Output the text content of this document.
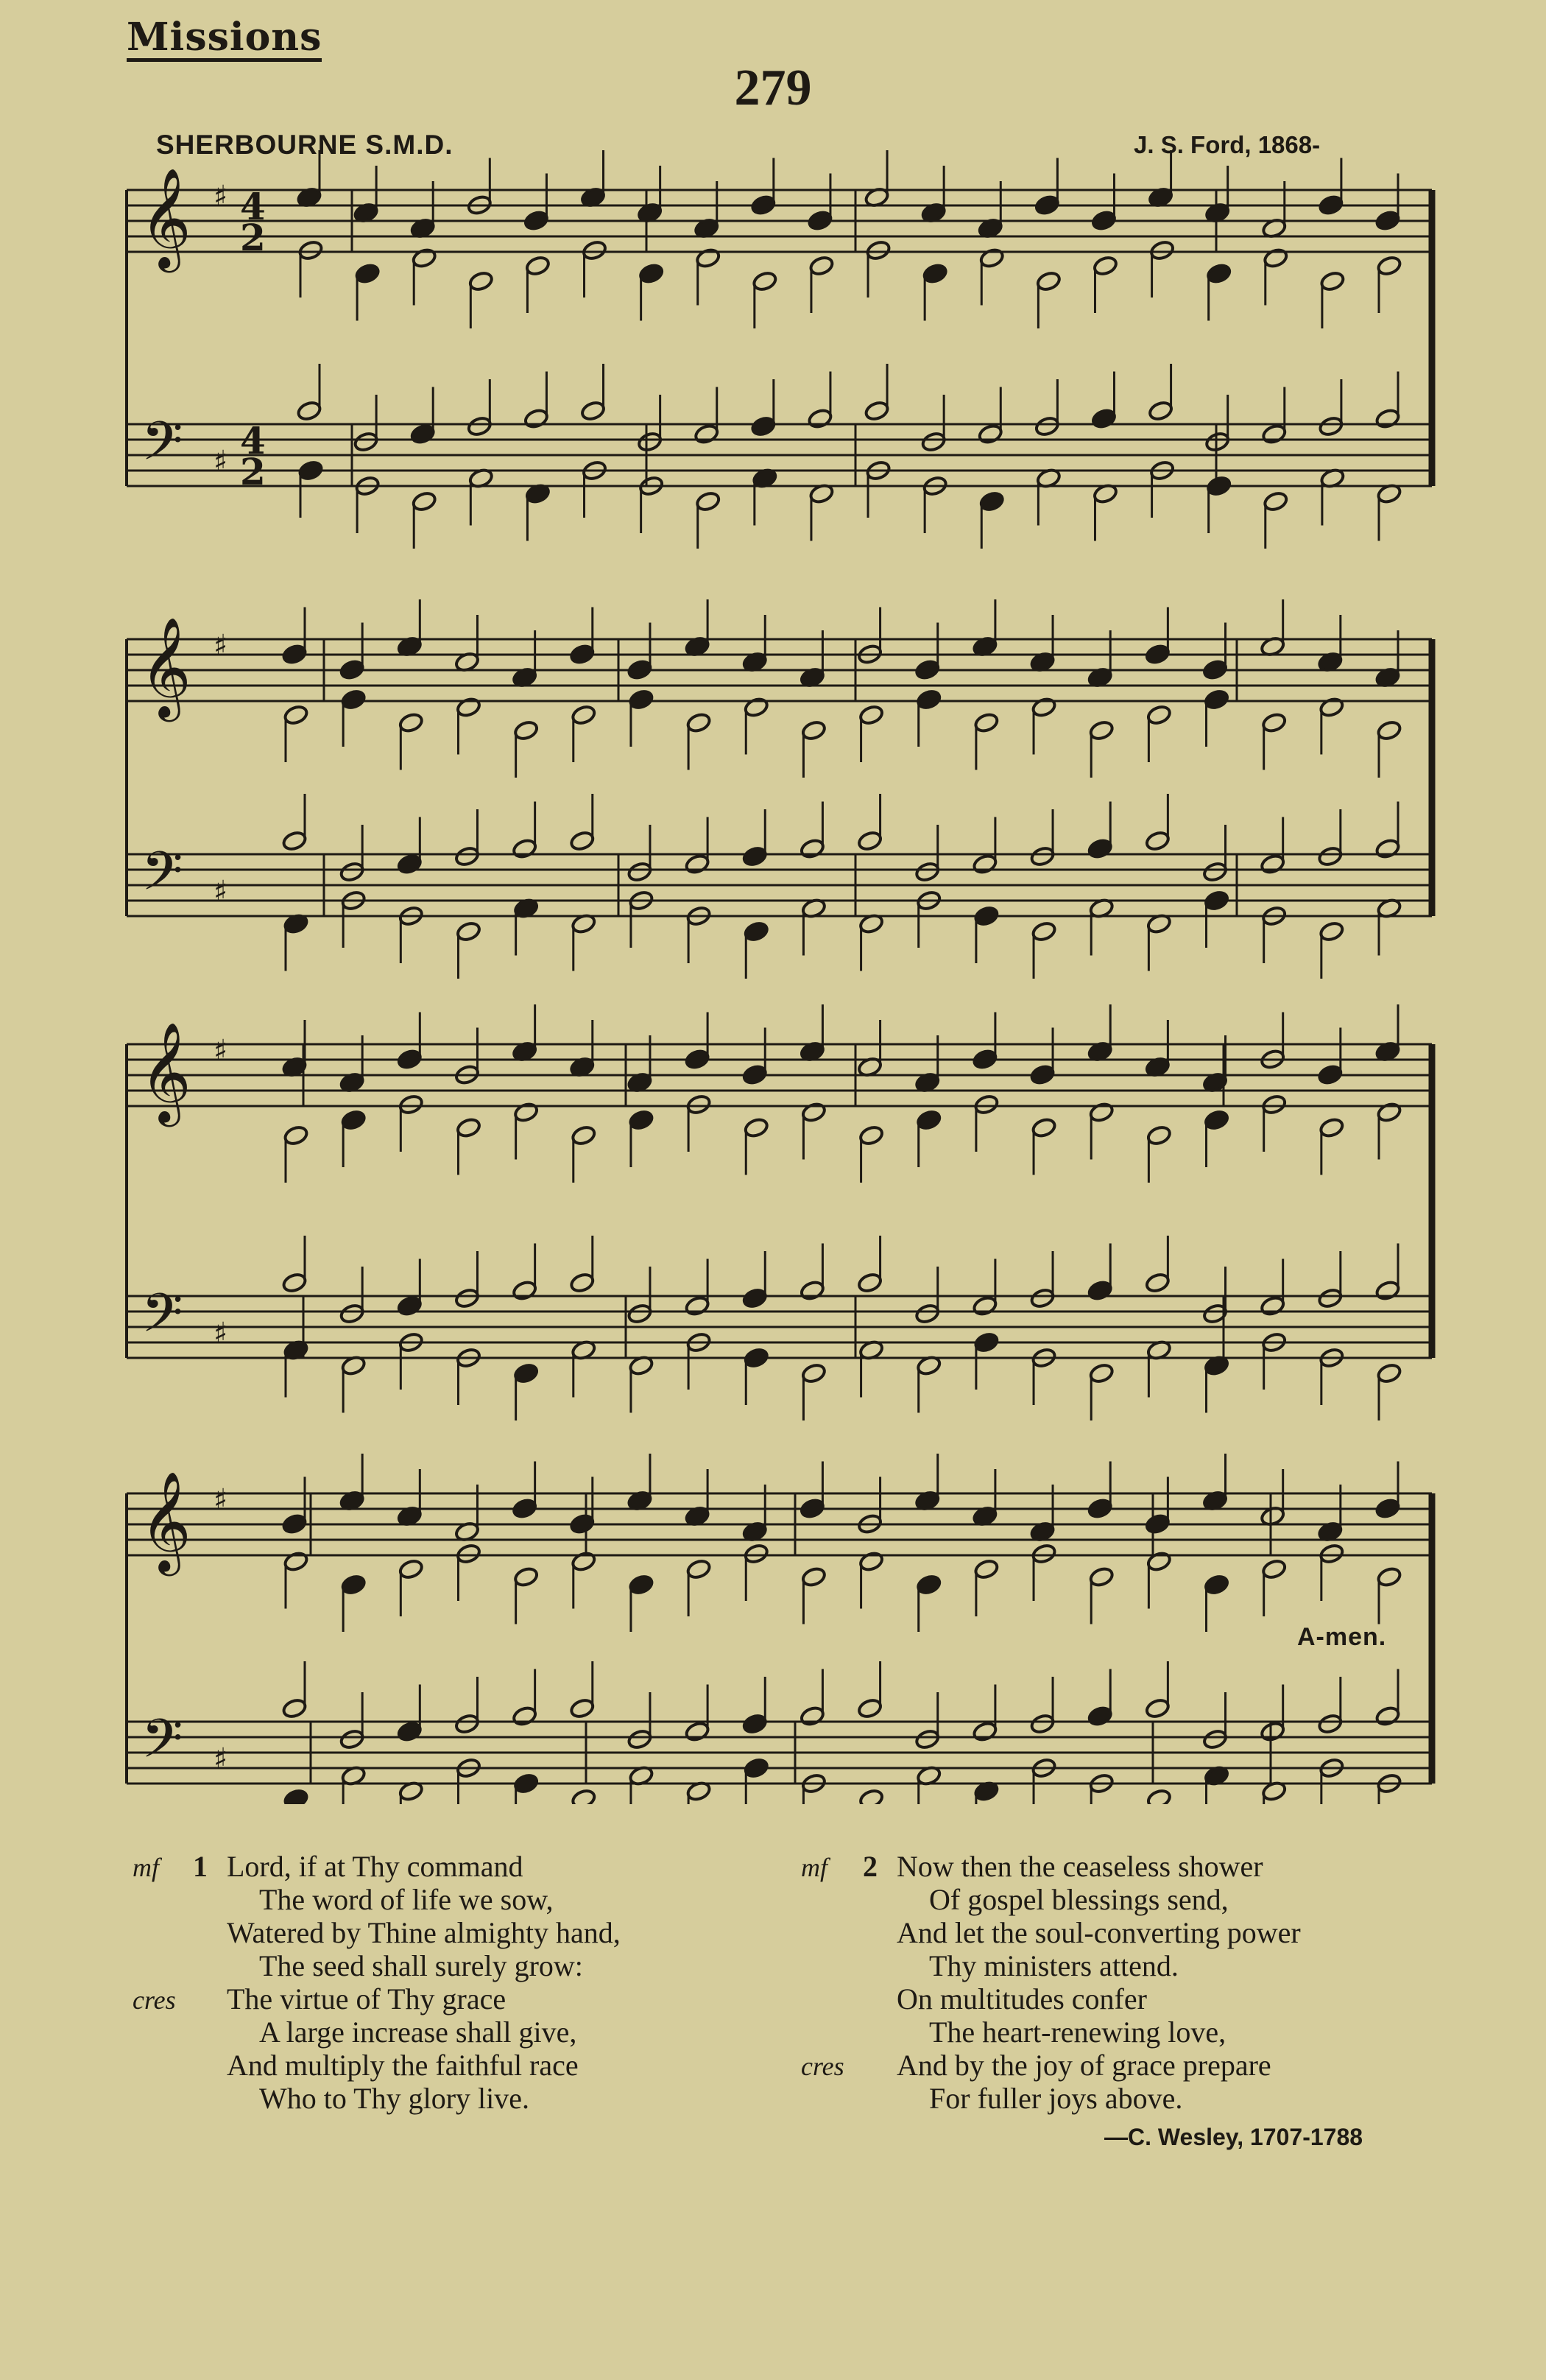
Missions
279
SHERBOURNE S.M.D.	J. S. Ford, 1868-
𝄞
𝄢
♯
♯
4
4
2
2
𝄞
𝄢
♯
♯
𝄞
𝄢
♯
♯
𝄞
𝄢
♯
♯
A-men.
mf 1 Lord, if at Thy command
The word of life we sow,
Watered by Thine almighty hand,
The seed shall surely grow:
cres The virtue of Thy grace
A large increase shall give,
And multiply the faithful race
Who to Thy glory live.
mf 2 Now then the ceaseless shower
Of gospel blessings send,
And let the soul-converting power
Thy ministers attend.
On multitudes confer
The heart-renewing love,
cres And by the joy of grace prepare
For fuller joys above.
—C. Wesley, 1707-1788
